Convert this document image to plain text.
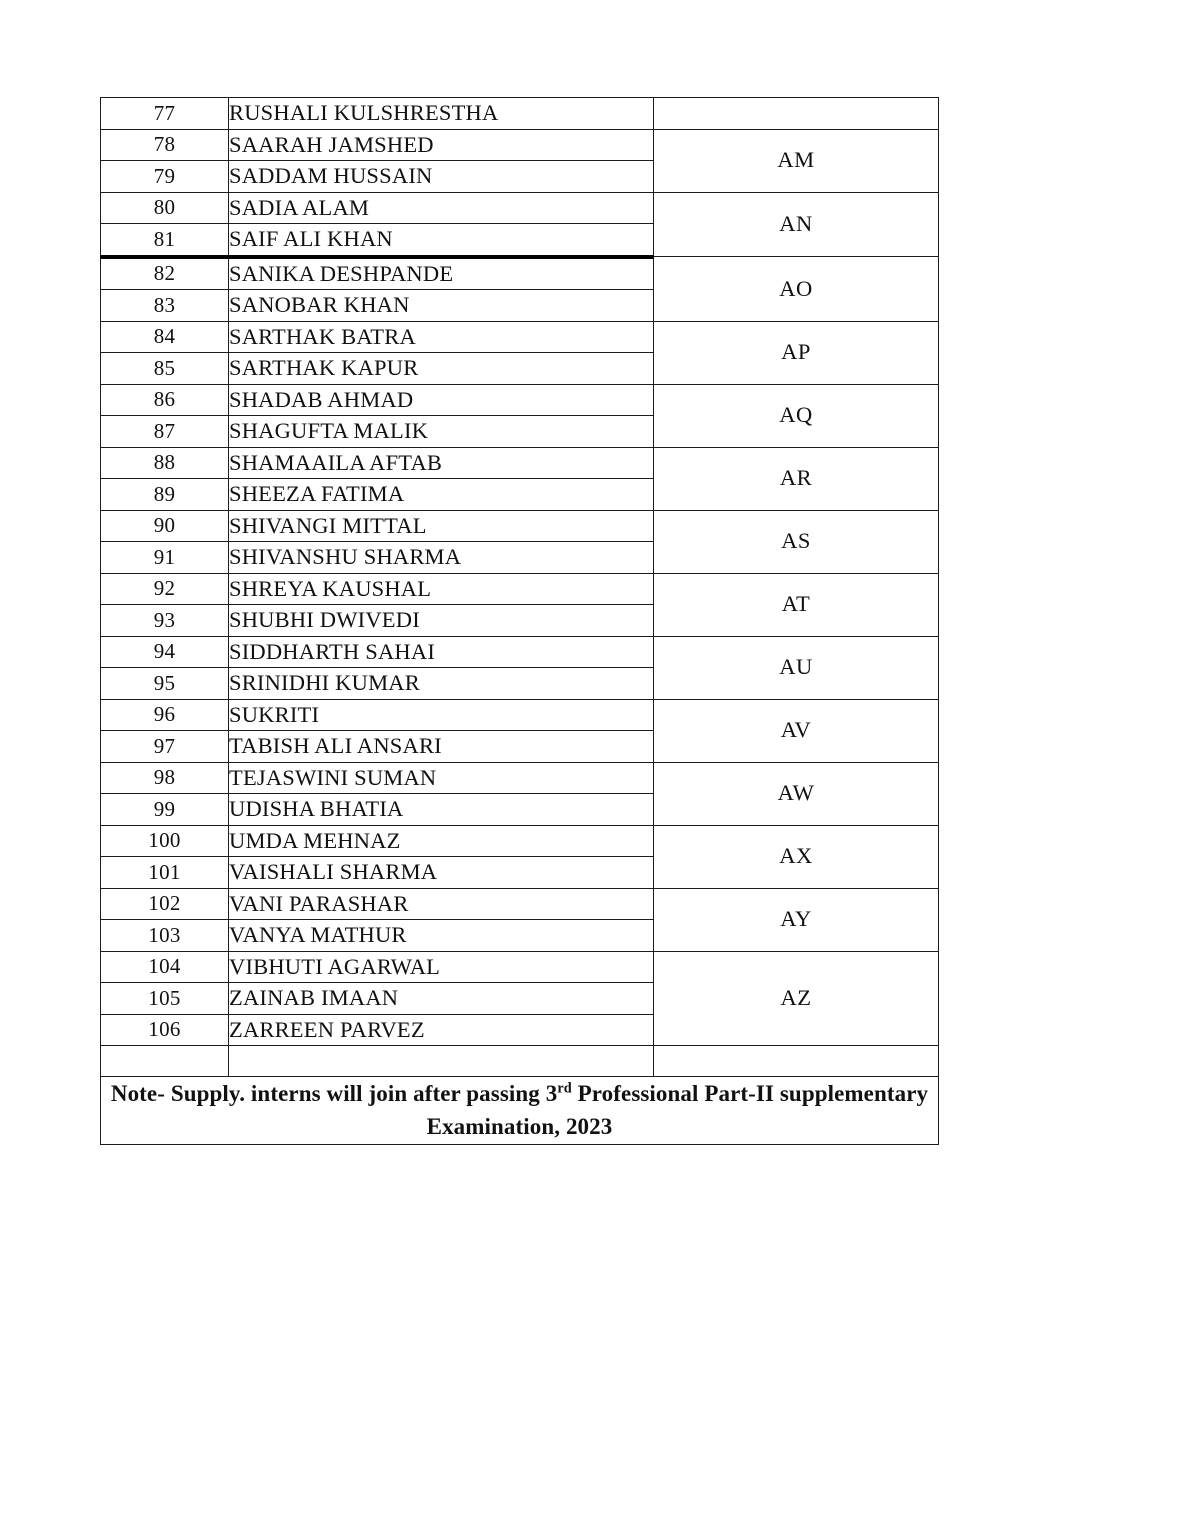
77	RUSHALI KULSHRESTHA	
78	SAARAH JAMSHED	AM
79	SADDAM HUSSAIN	
80	SADIA ALAM	AN
81	SAIF ALI KHAN	
82	SANIKA DESHPANDE	AO
83	SANOBAR KHAN	
84	SARTHAK BATRA	AP
85	SARTHAK KAPUR	
86	SHADAB AHMAD	AQ
87	SHAGUFTA MALIK	
88	SHAMAAILA AFTAB	AR
89	SHEEZA FATIMA	
90	SHIVANGI MITTAL	AS
91	SHIVANSHU SHARMA	
92	SHREYA KAUSHAL	AT
93	SHUBHI DWIVEDI	
94	SIDDHARTH SAHAI	AU
95	SRINIDHI KUMAR	
96	SUKRITI	AV
97	TABISH ALI ANSARI	
98	TEJASWINI SUMAN	AW
99	UDISHA BHATIA	
100	UMDA MEHNAZ	AX
101	VAISHALI SHARMA	
102	VANI PARASHAR	AY
103	VANYA MATHUR	
104	VIBHUTI AGARWAL	AZ
105	ZAINAB IMAAN	
106	ZARREEN PARVEZ	

Note- Supply. interns will join after passing 3rd Professional Part-II supplementary Examination, 2023		
